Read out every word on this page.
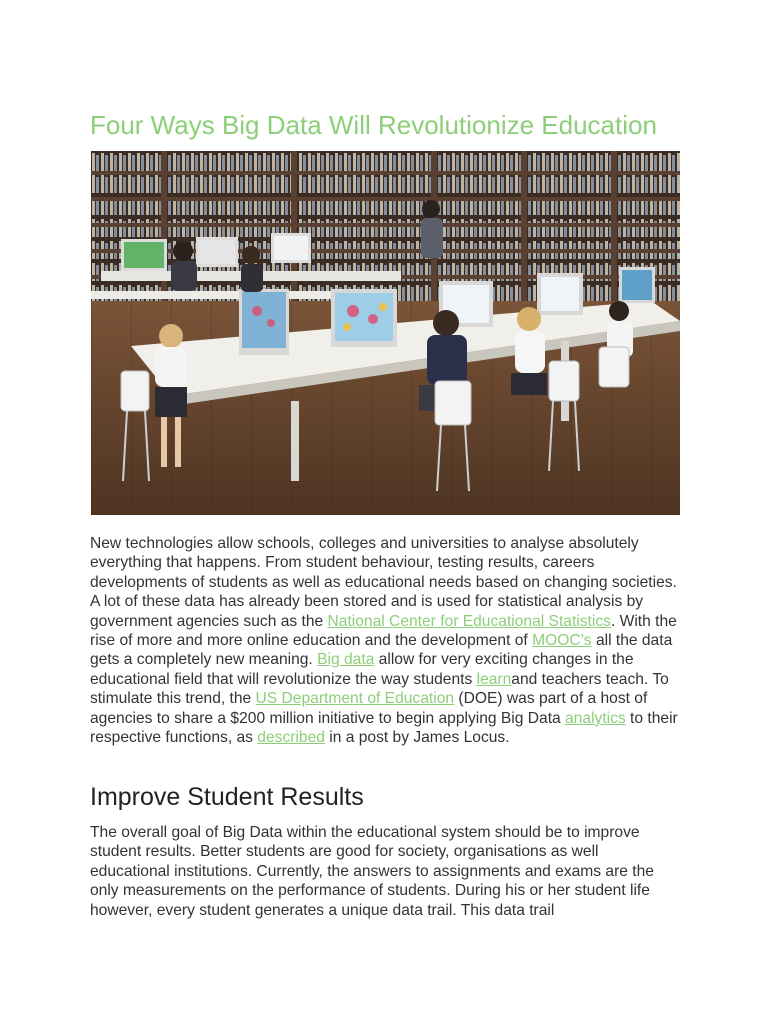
Four Ways Big Data Will Revolutionize Education

New technologies allow schools, colleges and universities to analyse absolutely everything that happens. From student behaviour, testing results, careers developments of students as well as educational needs based on changing societies. A lot of these data has already been stored and is used for statistical analysis by government agencies such as the National Center for Educational Statistics. With the rise of more and more online education and the development of MOOC’s all the data gets a completely new meaning. Big data allow for very exciting changes in the educational field that will revolutionize the way students learnand teachers teach. To stimulate this trend, the US Department of Education (DOE) was part of a host of agencies to share a $200 million initiative to begin applying Big Data analytics to their respective functions, as described in a post by James Locus.

Improve Student Results

The overall goal of Big Data within the educational system should be to improve student results. Better students are good for society, organisations as well educational institutions. Currently, the answers to assignments and exams are the only measurements on the performance of students. During his or her student life however, every student generates a unique data trail. This data trail
